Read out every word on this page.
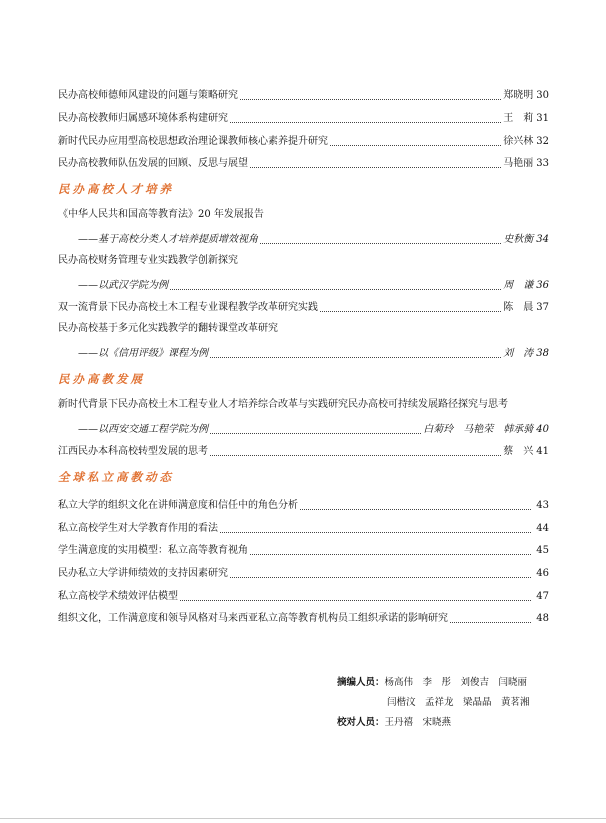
民办高校师德师风建设的问题与策略研究	郑晓明 30
民办高校教师归属感环境体系构建研究	王　莉 31
新时代民办应用型高校思想政治理论课教师核心素养提升研究	徐兴林 32
民办高校教师队伍发展的回顾、反思与展望	马艳丽 33
民办高校人才培养
《中华人民共和国高等教育法》20 年发展报告
——基于高校分类人才培养提质增效视角	史秋衡 34
民办高校财务管理专业实践教学创新探究
——以武汉学院为例	周　谦 36
双一流背景下民办高校土木工程专业课程教学改革研究实践	陈　晨 37
民办高校基于多元化实践教学的翻转课堂改革研究
——以《信用评级》课程为例	刘　涛 38
民办高教发展
新时代背景下民办高校土木工程专业人才培养综合改革与实践研究民办高校可持续发展路径探究与思考
——以西安交通工程学院为例	白菊玲　马艳荣　韩承骑 40
江西民办本科高校转型发展的思考	蔡　兴 41
全球私立高教动态
私立大学的组织文化在讲师满意度和信任中的角色分析	43
私立高校学生对大学教育作用的看法	44
学生满意度的实用模型：私立高等教育视角	45
民办私立大学讲师绩效的支持因素研究	46
私立高校学术绩效评估模型	47
组织文化，工作满意度和领导风格对马来西亚私立高等教育机构员工组织承诺的影响研究	48
摘编人员：杨高伟　李　彤　刘俊吉　闫晓丽
闫楷汶　孟祥龙　梁晶晶　黄茗湘
校对人员：王丹禧　宋晓燕
